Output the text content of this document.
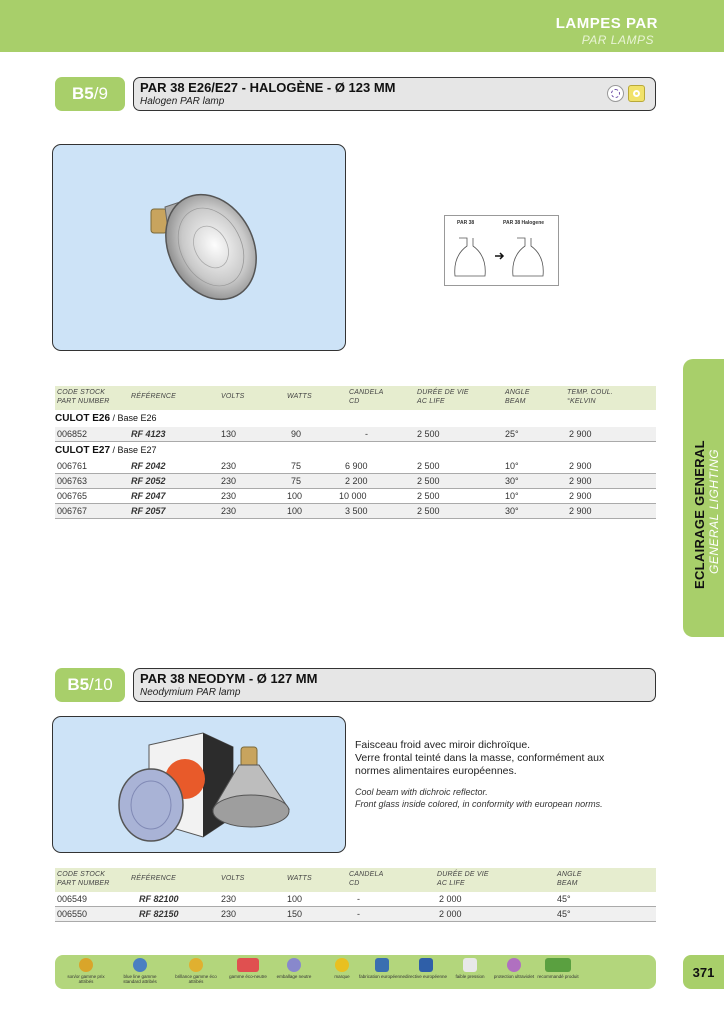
LAMPES PAR
PAR LAMPS
B5 /9 PAR 38 E26/E27 - HALOGÈNE - Ø 123 MM
Halogen PAR lamp
PAR 38	PAR 38 Halogene
ECLAIRAGE GENERAL GENERAL LIGHTING
CODE STOCK
PART NUMBER
RÉFÉRENCE	VOLTS	WATTS
CANDELA
CD
DURÉE DE VIE
AC LIFE
ANGLE
BEAM
TEMP. COUL.
°KELVIN
CULOT E26 / Base E26
006852	RF 4123	130	90	-	2 500	25°	2 900
CULOT E27 / Base E27
006761	RF 2042	230	75	6 900	2 500	10°	2 900
006763	RF 2052	230	75	2 200	2 500	30°	2 900
006765	RF 2047	230	100	10 000	2 500	10°	2 900
006767	RF 2057	230	100	3 500	2 500	30°	2 900
B5 /10 PAR 38 NEODYM - Ø 127 MM
Neodymium PAR lamp
Faisceau froid avec miroir dichroïque.
Verre frontal teinté dans la masse, conformément aux
normes alimentaires européennes.
Cool beam with dichroic reflector.
Front glass inside colored, in conformity with european norms.
CODE STOCK
PART NUMBER
RÉFÉRENCE	VOLTS	WATTS
CANDELA
CD
DURÉE DE VIE
AC LIFE
ANGLE
BEAM
006549	RF 82100	230	100	-	2 000	45°
006550	RF 82150	230	150	-	2 000	45°
son/or gamme prix attribés
blue line gamme standard attribés
brillance gamme éco attribés
gamme éco-neutre	emballage neutre	marque	fabrication européenne directive européenne	faible pression	protection ultraviolet recommandé produit	371
